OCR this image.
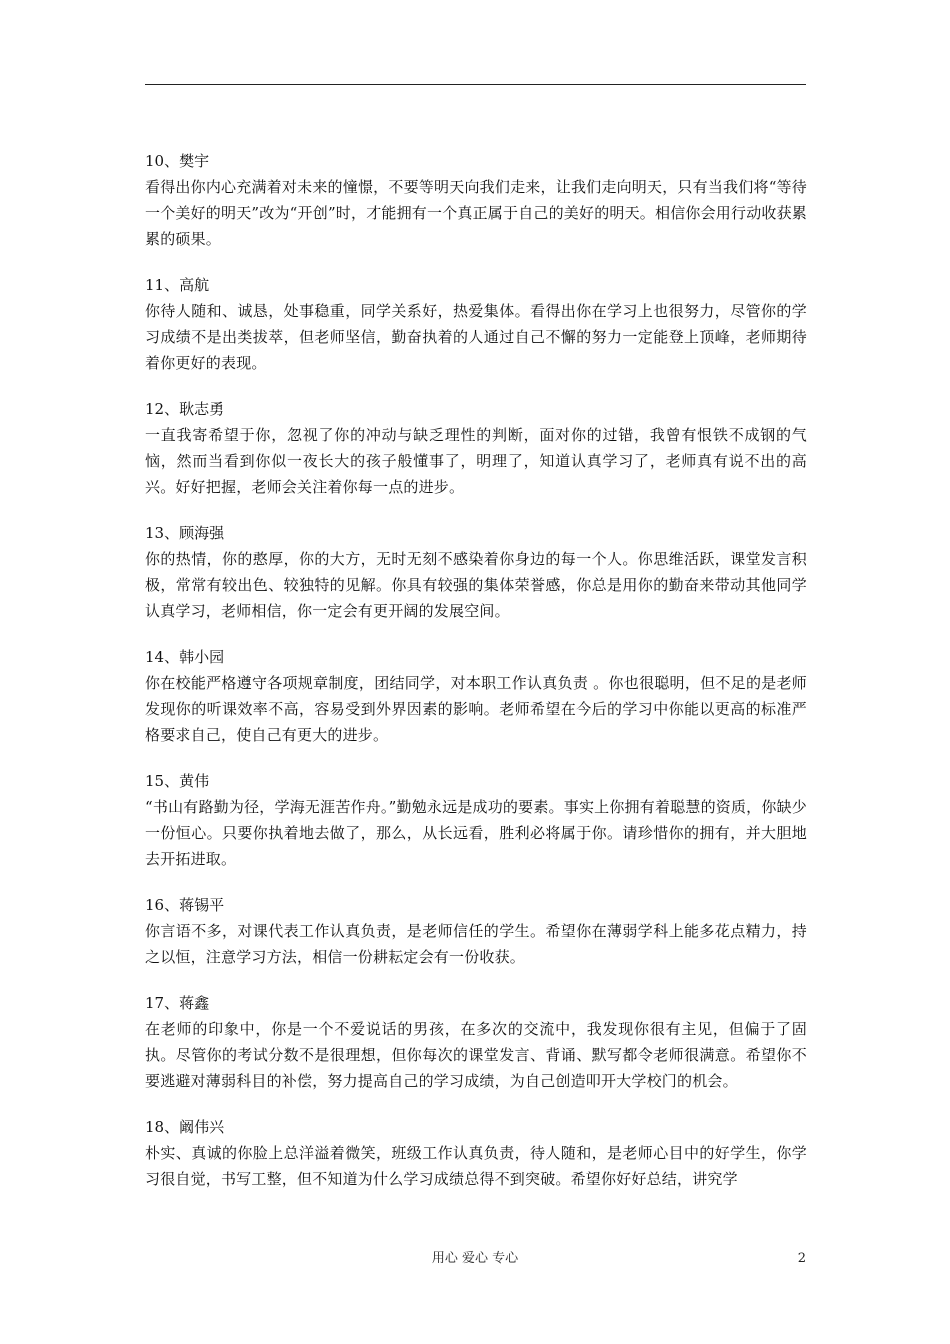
10、樊宇
看得出你内心充满着对未来的憧憬，不要等明天向我们走来，让我们走向明天，只有当我们将“等待一个美好的明天”改为“开创”时，才能拥有一个真正属于自己的美好的明天。相信你会用行动收获累累的硕果。
11、高航
你待人随和、诚恳，处事稳重，同学关系好，热爱集体。看得出你在学习上也很努力，尽管你的学习成绩不是出类拔萃，但老师坚信，勤奋执着的人通过自己不懈的努力一定能登上顶峰，老师期待着你更好的表现。
12、耿志勇
一直我寄希望于你，忽视了你的冲动与缺乏理性的判断，面对你的过错，我曾有恨铁不成钢的气恼，然而当看到你似一夜长大的孩子般懂事了，明理了，知道认真学习了，老师真有说不出的高兴。好好把握，老师会关注着你每一点的进步。
13、顾海强
你的热情，你的憨厚，你的大方，无时无刻不感染着你身边的每一个人。你思维活跃，课堂发言积极，常常有较出色、较独特的见解。你具有较强的集体荣誉感，你总是用你的勤奋来带动其他同学认真学习，老师相信，你一定会有更开阔的发展空间。
14、韩小园
你在校能严格遵守各项规章制度，团结同学，对本职工作认真负责 。你也很聪明，但不足的是老师发现你的听课效率不高，容易受到外界因素的影响。老师希望在今后的学习中你能以更高的标准严格要求自己，使自己有更大的进步。
15、黄伟
“书山有路勤为径，学海无涯苦作舟。”勤勉永远是成功的要素。事实上你拥有着聪慧的资质，你缺少一份恒心。只要你执着地去做了，那么，从长远看，胜利必将属于你。请珍惜你的拥有，并大胆地去开拓进取。
16、蒋锡平
你言语不多，对课代表工作认真负责，是老师信任的学生。希望你在薄弱学科上能多花点精力，持之以恒，注意学习方法，相信一份耕耘定会有一份收获。
17、蒋鑫
在老师的印象中，你是一个不爱说话的男孩，在多次的交流中，我发现你很有主见，但偏于了固执。尽管你的考试分数不是很理想，但你每次的课堂发言、背诵、默写都令老师很满意。希望你不要逃避对薄弱科目的补偿，努力提高自己的学习成绩，为自己创造叩开大学校门的机会。
18、阚伟兴
朴实、真诚的你脸上总洋溢着微笑，班级工作认真负责，待人随和，是老师心目中的好学生，你学习很自觉，书写工整，但不知道为什么学习成绩总得不到突破。希望你好好总结，讲究学
用心 爱心 专心	2
